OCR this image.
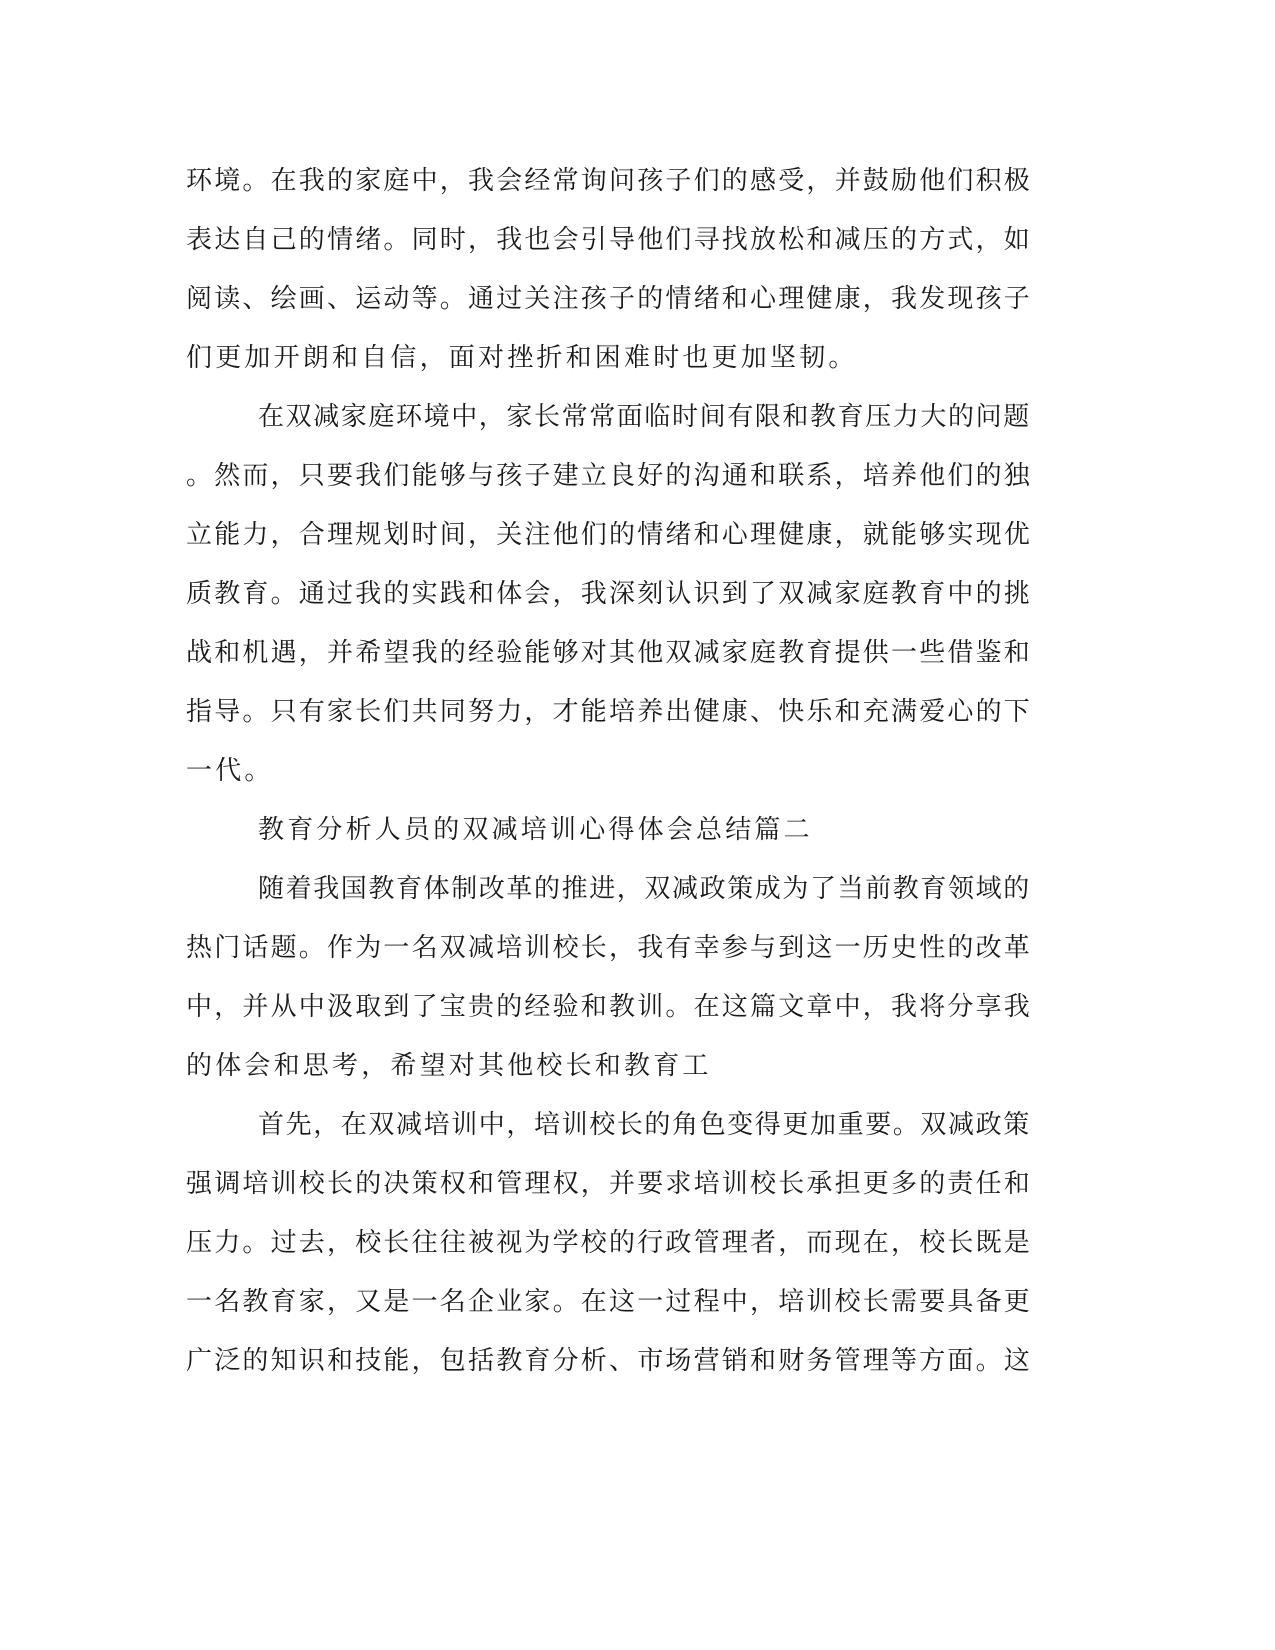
环境。在我的家庭中，我会经常询问孩子们的感受，并鼓励他们积极
表达自己的情绪。同时，我也会引导他们寻找放松和减压的方式，如
阅读、绘画、运动等。通过关注孩子的情绪和心理健康，我发现孩子
们更加开朗和自信，面对挫折和困难时也更加坚韧。
在双减家庭环境中，家长常常面临时间有限和教育压力大的问题
。然而，只要我们能够与孩子建立良好的沟通和联系，培养他们的独
立能力，合理规划时间，关注他们的情绪和心理健康，就能够实现优
质教育。通过我的实践和体会，我深刻认识到了双减家庭教育中的挑
战和机遇，并希望我的经验能够对其他双减家庭教育提供一些借鉴和
指导。只有家长们共同努力，才能培养出健康、快乐和充满爱心的下
一代。
教育分析人员的双减培训心得体会总结篇二
随着我国教育体制改革的推进，双减政策成为了当前教育领域的
热门话题。作为一名双减培训校长，我有幸参与到这一历史性的改革
中，并从中汲取到了宝贵的经验和教训。在这篇文章中，我将分享我
的体会和思考，希望对其他校长和教育工
首先，在双减培训中，培训校长的角色变得更加重要。双减政策
强调培训校长的决策权和管理权，并要求培训校长承担更多的责任和
压力。过去，校长往往被视为学校的行政管理者，而现在，校长既是
一名教育家，又是一名企业家。在这一过程中，培训校长需要具备更
广泛的知识和技能，包括教育分析、市场营销和财务管理等方面。这
